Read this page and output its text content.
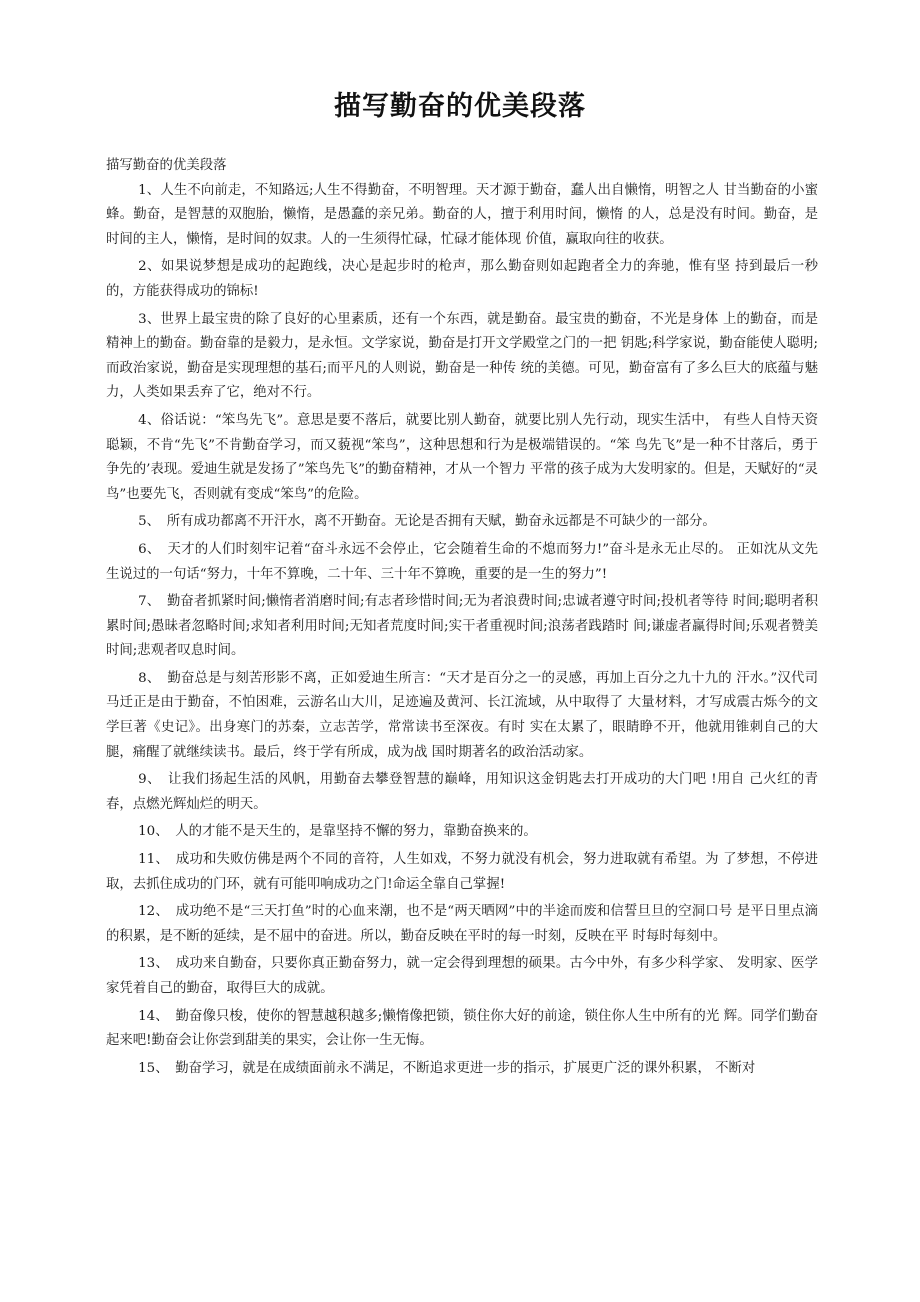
描写勤奋的优美段落

描写勤奋的优美段落

1、人生不向前走，不知路远;人生不得勤奋，不明智理。天才源于勤奋，蠢人出自懒惰，明智之人 甘当勤奋的小蜜蜂。勤奋，是智慧的双胞胎，懒惰，是愚蠢的亲兄弟。勤奋的人，擅于利用时间，懒惰 的人，总是没有时间。勤奋，是时间的主人，懒惰，是时间的奴隶。人的一生须得忙碌，忙碌才能体现 价值，赢取向往的收获。

2、如果说梦想是成功的起跑线，决心是起步时的枪声，那么勤奋则如起跑者全力的奔驰，惟有坚 持到最后一秒的，方能获得成功的锦标!

3、世界上最宝贵的除了良好的心里素质，还有一个东西，就是勤奋。最宝贵的勤奋，不光是身体 上的勤奋，而是精神上的勤奋。勤奋靠的是毅力，是永恒。文学家说，勤奋是打开文学殿堂之门的一把 钥匙;科学家说，勤奋能使人聪明;而政治家说，勤奋是实现理想的基石;而平凡的人则说，勤奋是一种传 统的美德。可见，勤奋富有了多么巨大的底蕴与魅力，人类如果丢弃了它，绝对不行。

4、俗话说：“笨鸟先飞”。意思是要不落后，就要比别人勤奋，就要比别人先行动，现实生活中， 有些人自恃天资聪颖，不肯“先飞”不肯勤奋学习，而又藐视“笨鸟”，这种思想和行为是极端错误的。“笨 鸟先飞”是一种不甘落后，勇于争先的’表现。爱迪生就是发扬了”笨鸟先飞”的勤奋精神，才从一个智力 平常的孩子成为大发明家的。但是，天赋好的“灵鸟”也要先飞，否则就有变成“笨鸟”的危险。

5、　所有成功都离不开汗水，离不开勤奋。无论是否拥有天赋，勤奋永远都是不可缺少的一部分。

6、　天才的人们时刻牢记着“奋斗永远不会停止，它会随着生命的不熄而努力!”奋斗是永无止尽的。 正如沈从文先生说过的一句话“努力，十年不算晚，二十年、三十年不算晚，重要的是一生的努力”!

7、　勤奋者抓紧时间;懒惰者消磨时间;有志者珍惜时间;无为者浪费时间;忠诚者遵守时间;投机者等待 时间;聪明者积累时间;愚昧者忽略时间;求知者利用时间;无知者荒度时间;实干者重视时间;浪荡者践踏时 间;谦虚者赢得时间;乐观者赞美时间;悲观者叹息时间。

8、　勤奋总是与刻苦形影不离，正如爱迪生所言：“天才是百分之一的灵感，再加上百分之九十九的 汗水。”汉代司马迁正是由于勤奋，不怕困难，云游名山大川，足迹遍及黄河、长江流域，从中取得了 大量材料，才写成震古烁今的文学巨著《史记》。出身寒门的苏秦，立志苦学，常常读书至深夜。有时 实在太累了，眼睛睁不开，他就用锥刺自己的大腿，痛醒了就继续读书。最后，终于学有所成，成为战 国时期著名的政治活动家。

9、　让我们扬起生活的风帆，用勤奋去攀登智慧的巅峰，用知识这金钥匙去打开成功的大门吧 !用自 己火红的青春，点燃光辉灿烂的明天。

10、　人的才能不是天生的，是靠坚持不懈的努力，靠勤奋换来的。

11、　成功和失败仿佛是两个不同的音符，人生如戏，不努力就没有机会，努力进取就有希望。为 了梦想，不停进取，去抓住成功的门环，就有可能叩响成功之门!命运全靠自己掌握!

12、　成功绝不是“三天打鱼”时的心血来潮，也不是“两天晒网”中的半途而废和信誓旦旦的空洞口号 是平日里点滴的积累，是不断的延续，是不屈中的奋进。所以，勤奋反映在平时的每一时刻，反映在平 时每时每刻中。

13、　成功来自勤奋，只要你真正勤奋努力，就一定会得到理想的硕果。古今中外，有多少科学家、 发明家、医学家凭着自己的勤奋，取得巨大的成就。

14、　勤奋像只梭，使你的智慧越积越多;懒惰像把锁，锁住你大好的前途，锁住你人生中所有的光 辉。同学们勤奋起来吧!勤奋会让你尝到甜美的果实，会让你一生无悔。

15、　勤奋学习，就是在成绩面前永不满足，不断追求更进一步的指示，扩展更广泛的课外积累， 不断对
